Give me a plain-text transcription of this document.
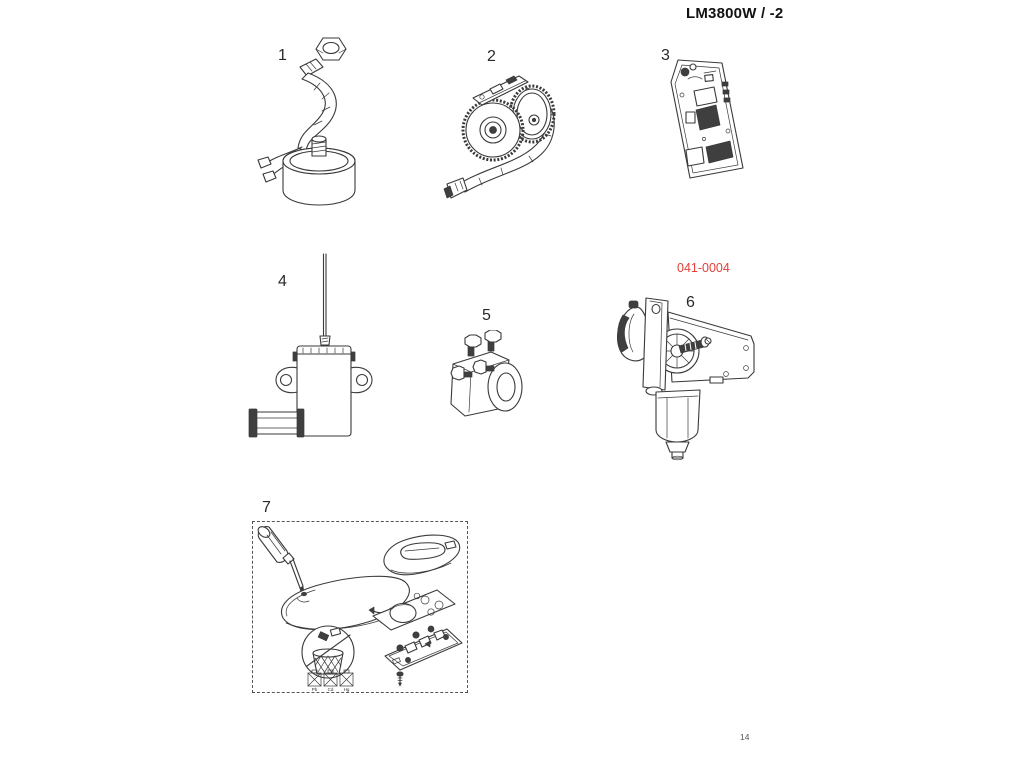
LM3800W / -2
1	2	3
4
5
6
7
041-0004
14
Pb Cd Hg
